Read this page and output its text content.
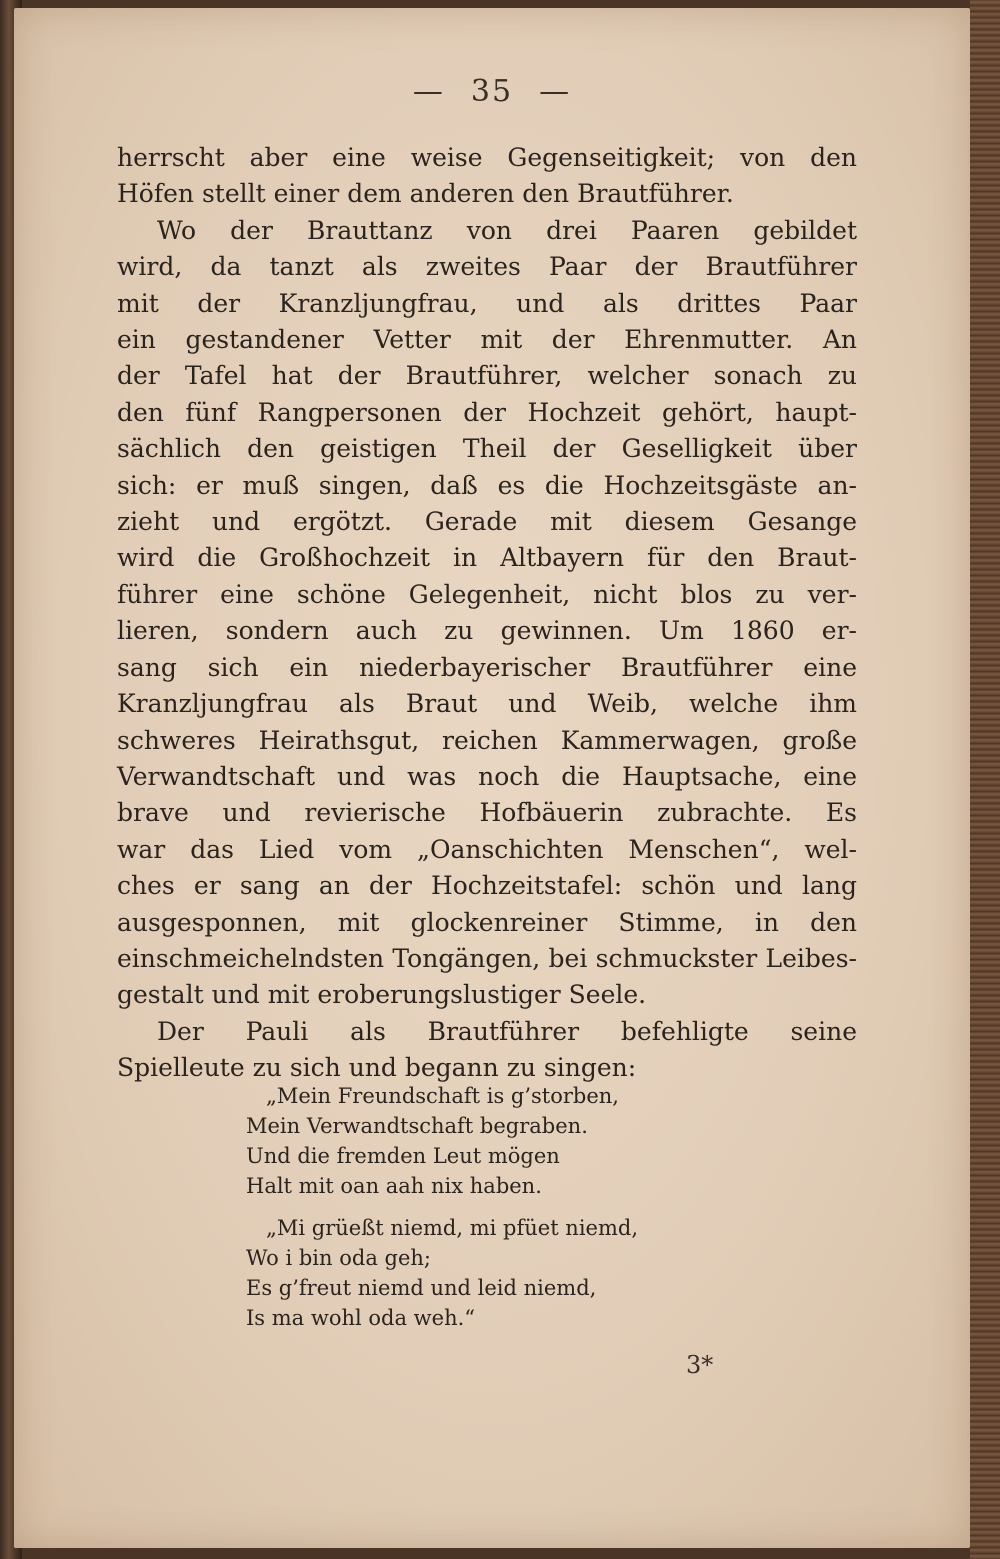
— 35 —
herrscht aber eine weise Gegenseitigkeit; von den
Höfen stellt einer dem anderen den Brautführer.
Wo der Brauttanz von drei Paaren gebildet
wird, da tanzt als zweites Paar der Brautführer
mit der Kranzljungfrau, und als drittes Paar
ein gestandener Vetter mit der Ehrenmutter. An
der Tafel hat der Brautführer, welcher sonach zu
den fünf Rangpersonen der Hochzeit gehört, haupt-
sächlich den geistigen Theil der Geselligkeit über
sich: er muß singen, daß es die Hochzeitsgäste an-
zieht und ergötzt. Gerade mit diesem Gesange
wird die Großhochzeit in Altbayern für den Braut-
führer eine schöne Gelegenheit, nicht blos zu ver-
lieren, sondern auch zu gewinnen. Um 1860 er-
sang sich ein niederbayerischer Brautführer eine
Kranzljungfrau als Braut und Weib, welche ihm
schweres Heirathsgut, reichen Kammerwagen, große
Verwandtschaft und was noch die Hauptsache, eine
brave und revierische Hofbäuerin zubrachte. Es
war das Lied vom „Oanschichten Menschen“, wel-
ches er sang an der Hochzeitstafel: schön und lang
ausgesponnen, mit glockenreiner Stimme, in den
einschmeichelndsten Tongängen, bei schmuckster Leibes-
gestalt und mit eroberungslustiger Seele.
Der Pauli als Brautführer befehligte seine
Spielleute zu sich und begann zu singen:
„Mein Freundschaft is g’storben,
Mein Verwandtschaft begraben.
Und die fremden Leut mögen
Halt mit oan aah nix haben.
„Mi grüeßt niemd, mi pfüet niemd,
Wo i bin oda geh;
Es g’freut niemd und leid niemd,
Is ma wohl oda weh.“
3*
